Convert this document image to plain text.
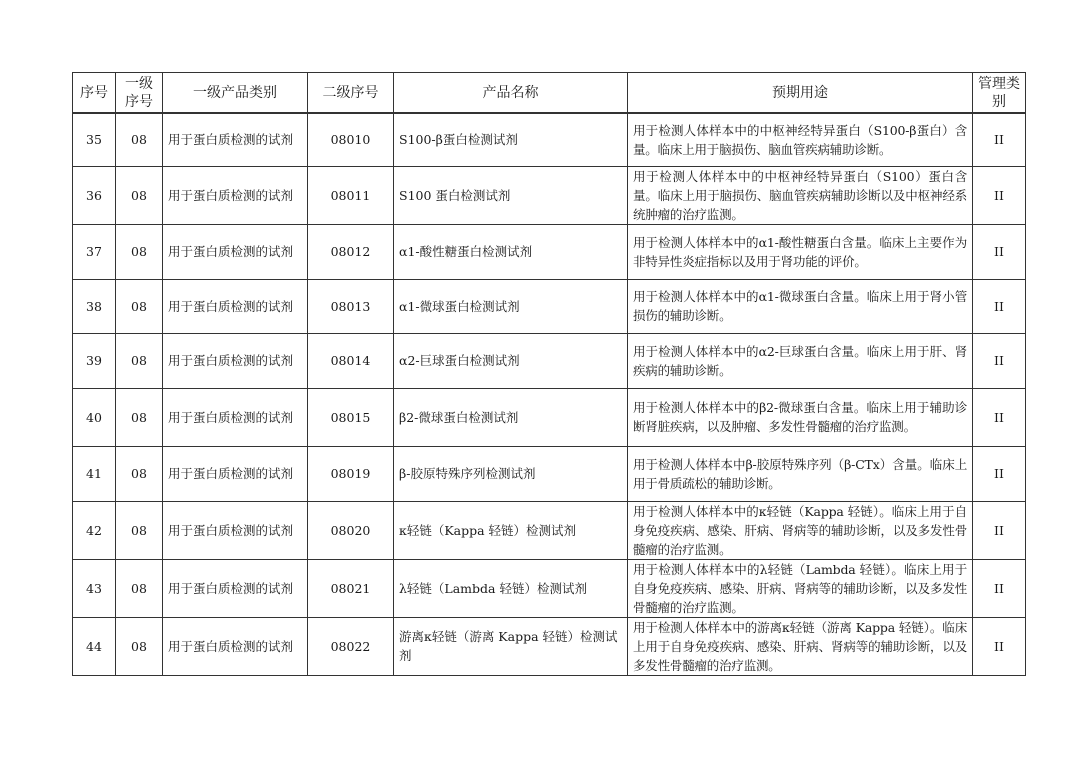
序号	一级序号	一级产品类别	二级序号	产品名称	预期用途	管理类别
35	08	用于蛋白质检测的试剂	08010	S100-β蛋白检测试剂	用于检测人体样本中的中枢神经特异蛋白（S100-β蛋白）含量。临床上用于脑损伤、脑血管疾病辅助诊断。	II
36	08	用于蛋白质检测的试剂	08011	S100 蛋白检测试剂	用于检测人体样本中的中枢神经特异蛋白（S100）蛋白含量。临床上用于脑损伤、脑血管疾病辅助诊断以及中枢神经系统肿瘤的治疗监测。	II
37	08	用于蛋白质检测的试剂	08012	α1-酸性糖蛋白检测试剂	用于检测人体样本中的α1-酸性糖蛋白含量。临床上主要作为非特异性炎症指标以及用于肾功能的评价。	II
38	08	用于蛋白质检测的试剂	08013	α1-微球蛋白检测试剂	用于检测人体样本中的α1-微球蛋白含量。临床上用于肾小管损伤的辅助诊断。	II
39	08	用于蛋白质检测的试剂	08014	α2-巨球蛋白检测试剂	用于检测人体样本中的α2-巨球蛋白含量。临床上用于肝、肾疾病的辅助诊断。	II
40	08	用于蛋白质检测的试剂	08015	β2-微球蛋白检测试剂	用于检测人体样本中的β2-微球蛋白含量。临床上用于辅助诊断肾脏疾病，以及肿瘤、多发性骨髓瘤的治疗监测。	II
41	08	用于蛋白质检测的试剂	08019	β-胶原特殊序列检测试剂	用于检测人体样本中β-胶原特殊序列（β-CTx）含量。临床上用于骨质疏松的辅助诊断。	II
42	08	用于蛋白质检测的试剂	08020	κ轻链（Kappa 轻链）检测试剂	用于检测人体样本中的κ轻链（Kappa 轻链）。临床上用于自身免疫疾病、感染、肝病、肾病等的辅助诊断，以及多发性骨髓瘤的治疗监测。	II
43	08	用于蛋白质检测的试剂	08021	λ轻链（Lambda 轻链）检测试剂	用于检测人体样本中的λ轻链（Lambda 轻链）。临床上用于自身免疫疾病、感染、肝病、肾病等的辅助诊断，以及多发性骨髓瘤的治疗监测。	II
44	08	用于蛋白质检测的试剂	08022	游离κ轻链（游离 Kappa 轻链）检测试剂	用于检测人体样本中的游离κ轻链（游离 Kappa 轻链）。临床上用于自身免疫疾病、感染、肝病、肾病等的辅助诊断，以及多发性骨髓瘤的治疗监测。	II
